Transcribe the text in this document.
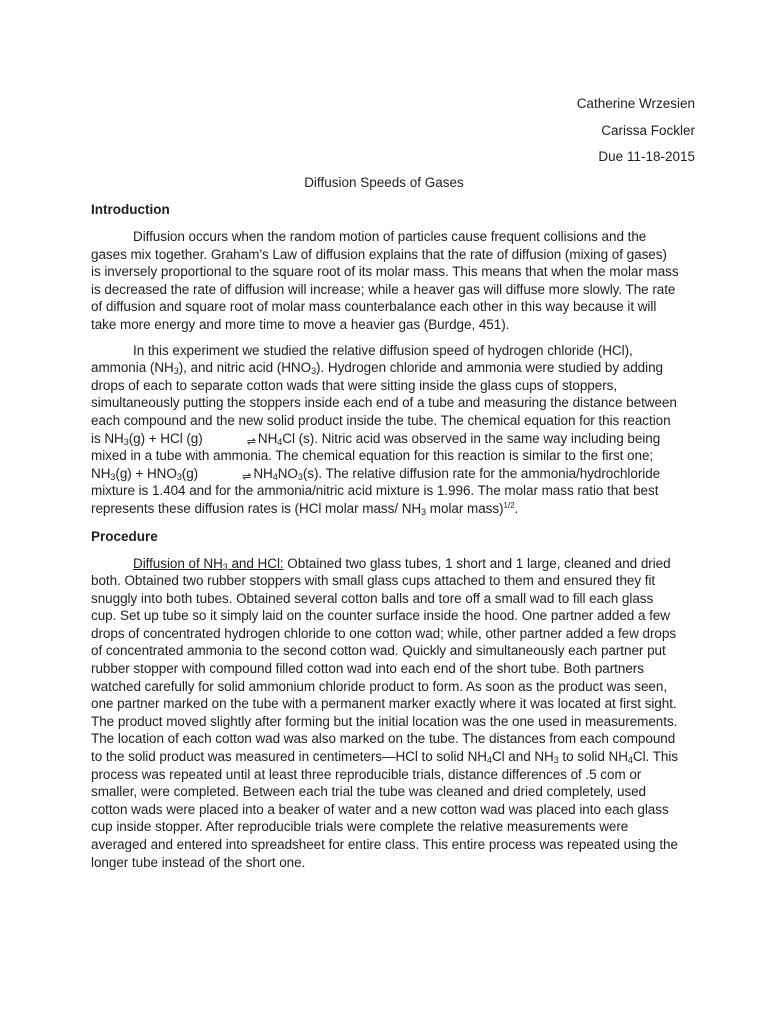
Catherine Wrzesien
Carissa Fockler
Due 11-18-2015
Diffusion Speeds of Gases
Introduction

Diffusion occurs when the random motion of particles cause frequent collisions and the gases mix together. Graham’s Law of diffusion explains that the rate of diffusion (mixing of gases) is inversely proportional to the square root of its molar mass. This means that when the molar mass is decreased the rate of diffusion will increase; while a heaver gas will diffuse more slowly. The rate of diffusion and square root of molar mass counterbalance each other in this way because it will take more energy and more time to move a heavier gas (Burdge, 451).

In this experiment we studied the relative diffusion speed of hydrogen chloride (HCl), ammonia $(NH_3)$, and nitric acid $(HNO_3)$. Hydrogen chloride and ammonia were studied by adding drops of each to separate cotton wads that were sitting inside the glass cups of stoppers, simultaneously putting the stoppers inside each end of a tube and measuring the distance between each compound and the new solid product inside the tube. The chemical equation for this reaction is $NH_3(g)$ + HCl (g)	⇌ $NH_4Cl$ (s). Nitric acid was observed in the same way including being mixed in a tube with ammonia. The chemical equation for this reaction is similar to the first one; $NH_3(g) + HNO_3(g)$	⇌ $NH_4NO_3(s)$. The relative diffusion rate for the ammonia/hydrochloride mixture is 1.404 and for the ammonia/nitric acid mixture is 1.996. The molar mass ratio that best represents these diffusion rates is (HCl molar mass/ $NH_3$ molar mass)$^{1/2}$.

Procedure

Diffusion of $NH_3$ and HCl: Obtained two glass tubes, 1 short and 1 large, cleaned and dried both. Obtained two rubber stoppers with small glass cups attached to them and ensured they fit snuggly into both tubes. Obtained several cotton balls and tore off a small wad to fill each glass cup. Set up tube so it simply laid on the counter surface inside the hood. One partner added a few drops of concentrated hydrogen chloride to one cotton wad; while, other partner added a few drops of concentrated ammonia to the second cotton wad. Quickly and simultaneously each partner put rubber stopper with compound filled cotton wad into each end of the short tube. Both partners watched carefully for solid ammonium chloride product to form. As soon as the product was seen, one partner marked on the tube with a permanent marker exactly where it was located at first sight. The product moved slightly after forming but the initial location was the one used in measurements. The location of each cotton wad was also marked on the tube. The distances from each compound to the solid product was measured in centimeters—HCl to solid $NH_4Cl$ and $NH_3$ to solid $NH_4Cl$. This process was repeated until at least three reproducible trials, distance differences of .5 com or smaller, were completed. Between each trial the tube was cleaned and dried completely, used cotton wads were placed into a beaker of water and a new cotton wad was placed into each glass cup inside stopper. After reproducible trials were complete the relative measurements were averaged and entered into spreadsheet for entire class. This entire process was repeated using the longer tube instead of the short one.
